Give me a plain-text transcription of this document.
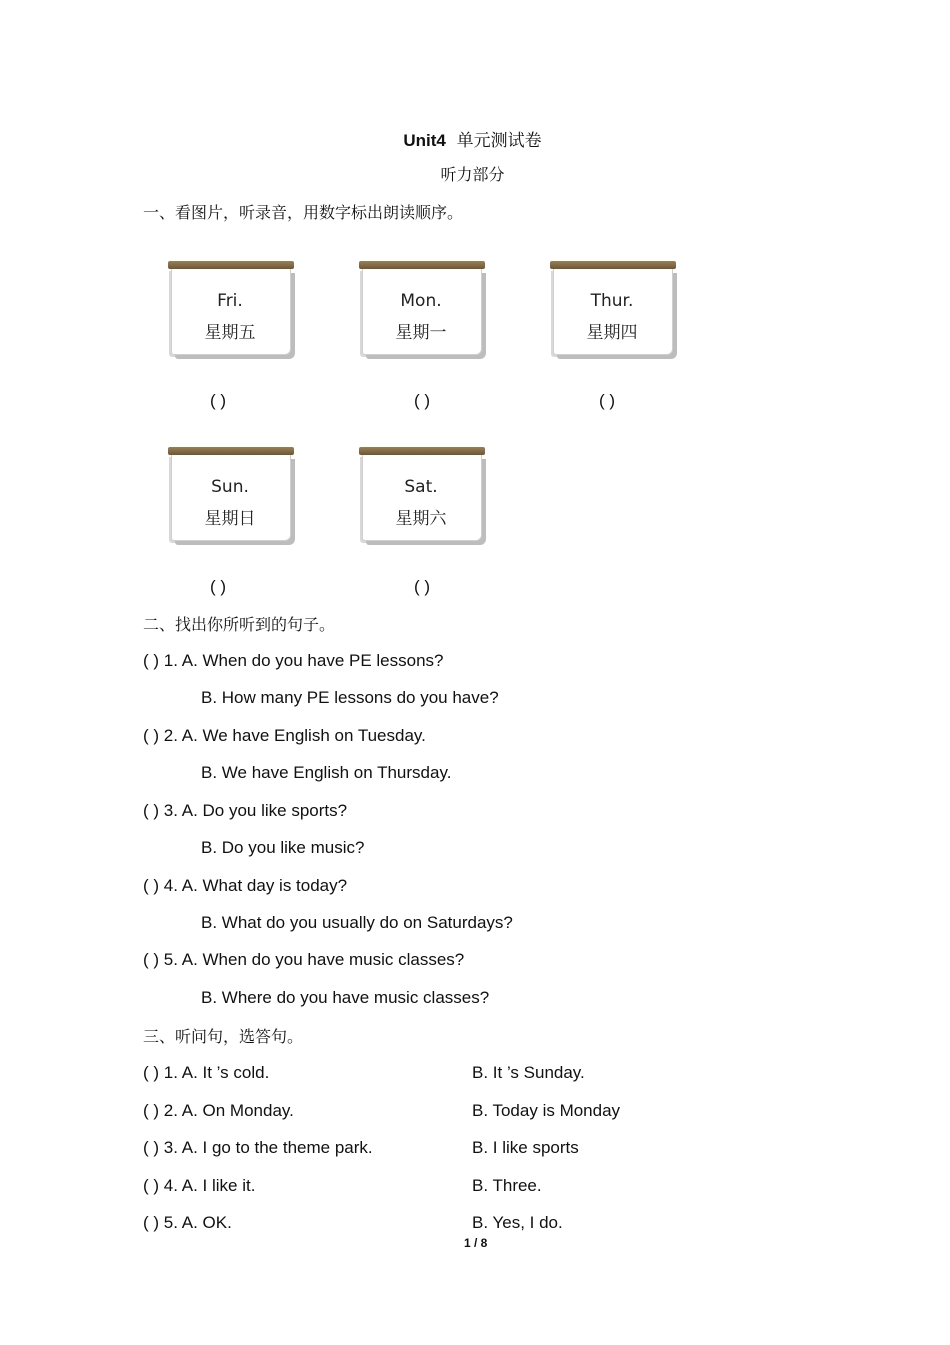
Unit4 单元测试卷
听力部分
一、看图片，听录音，用数字标出朗读顺序。
Fri.
星期五
Mon.
星期一
Thur.
星期四
( )	( )	( )
Sun.
星期日
Sat.
星期六
( )	( )
二、找出你所听到的句子。
( ) 1. A. When do you have PE lessons?
B. How many PE lessons do you have?
( ) 2. A. We have English on Tuesday.
B. We have English on Thursday.
( ) 3. A. Do you like sports?
B. Do you like music?
( ) 4. A. What day is today?
B. What do you usually do on Saturdays?
( ) 5. A. When do you have music classes?
B. Where do you have music classes?
三、听问句，选答句。
( ) 1. A. It ’s cold.	B. It ’s Sunday.
( ) 2. A. On Monday.	B. Today is Monday
( ) 3. A. I go to the theme park.	B. I like sports
( ) 4. A. I like it.	B. Three.
( ) 5. A. OK.	B. Yes, I do.
1 / 8
